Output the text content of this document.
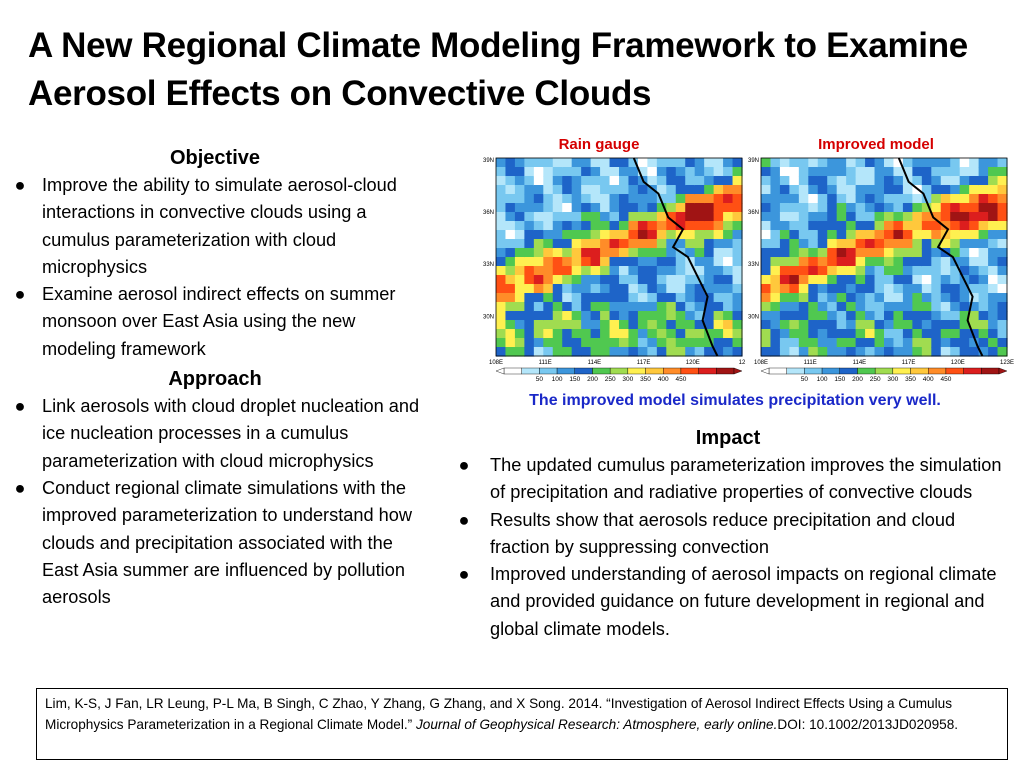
A New Regional Climate Modeling Framework to Examine Aerosol Effects on Convective Clouds
Objective
● Improve the ability to simulate aerosol-cloud interactions in convective clouds using a cumulus parameterization with cloud microphysics
● Examine aerosol indirect effects on summer monsoon over East Asia using the new modeling framework
Approach
● Link aerosols with cloud droplet nucleation and ice nucleation processes in a cumulus parameterization with cloud microphysics
● Conduct regional climate simulations with the improved parameterization to understand how clouds and precipitation associated with the East Asia summer are influenced by pollution aerosols
Rain gauge	Improved model
39N
36N
33N
30N
108E	111E	114E	117E	120E	12
50 100 150 200 250 300 350 400 450
39N
36N
33N
30N
108E	111E	114E	117E	120E	123E
50 100 150 200 250 300 350 400 450
The improved model simulates precipitation very well.
Impact
● The updated cumulus parameterization improves the simulation of precipitation and radiative properties of convective clouds
● Results show that aerosols reduce precipitation and cloud fraction by suppressing convection
● Improved understanding of aerosol impacts on regional climate and provided guidance on future development in regional and global climate models.
Lim, K-S, J Fan, LR Leung, P-L Ma, B Singh, C Zhao, Y Zhang, G Zhang, and X Song. 2014. “Investigation of Aerosol Indirect Effects Using a Cumulus Microphysics Parameterization in a Regional Climate Model.” Journal of Geophysical Research: Atmosphere, early online.DOI: 10.1002/2013JD020958.
